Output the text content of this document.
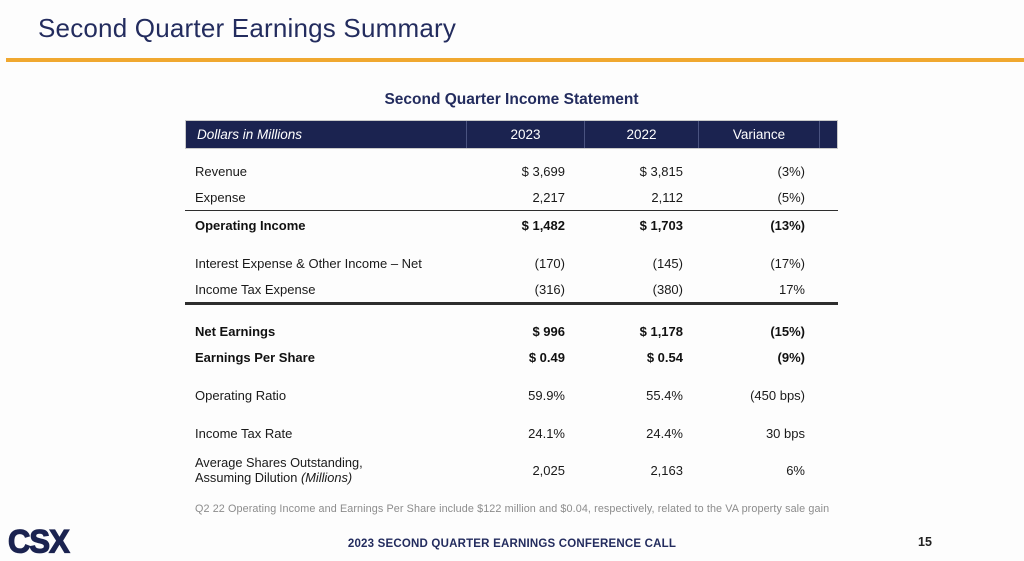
Second Quarter Earnings Summary
Second Quarter Income Statement
Dollars in Millions	2023	2022	Variance
Revenue	$ 3,699	$ 3,815	(3%)
Expense	2,217	2,112	(5%)
Operating Income	$ 1,482	$ 1,703	(13%)
Interest Expense & Other Income – Net	(170)	(145)	(17%)
Income Tax Expense	(316)	(380)	17%
Net Earnings	$ 996	$ 1,178	(15%)
Earnings Per Share	$ 0.49	$ 0.54	(9%)
Operating Ratio	59.9%	55.4%	(450 bps)
Income Tax Rate	24.1%	24.4%	30 bps
Average Shares Outstanding,
Assuming Dilution (Millions)	2,025	2,163	6%
Q2 22 Operating Income and Earnings Per Share include $122 million and $0.04, respectively, related to the VA property sale gain
CSX	2023 SECOND QUARTER EARNINGS CONFERENCE CALL	15
